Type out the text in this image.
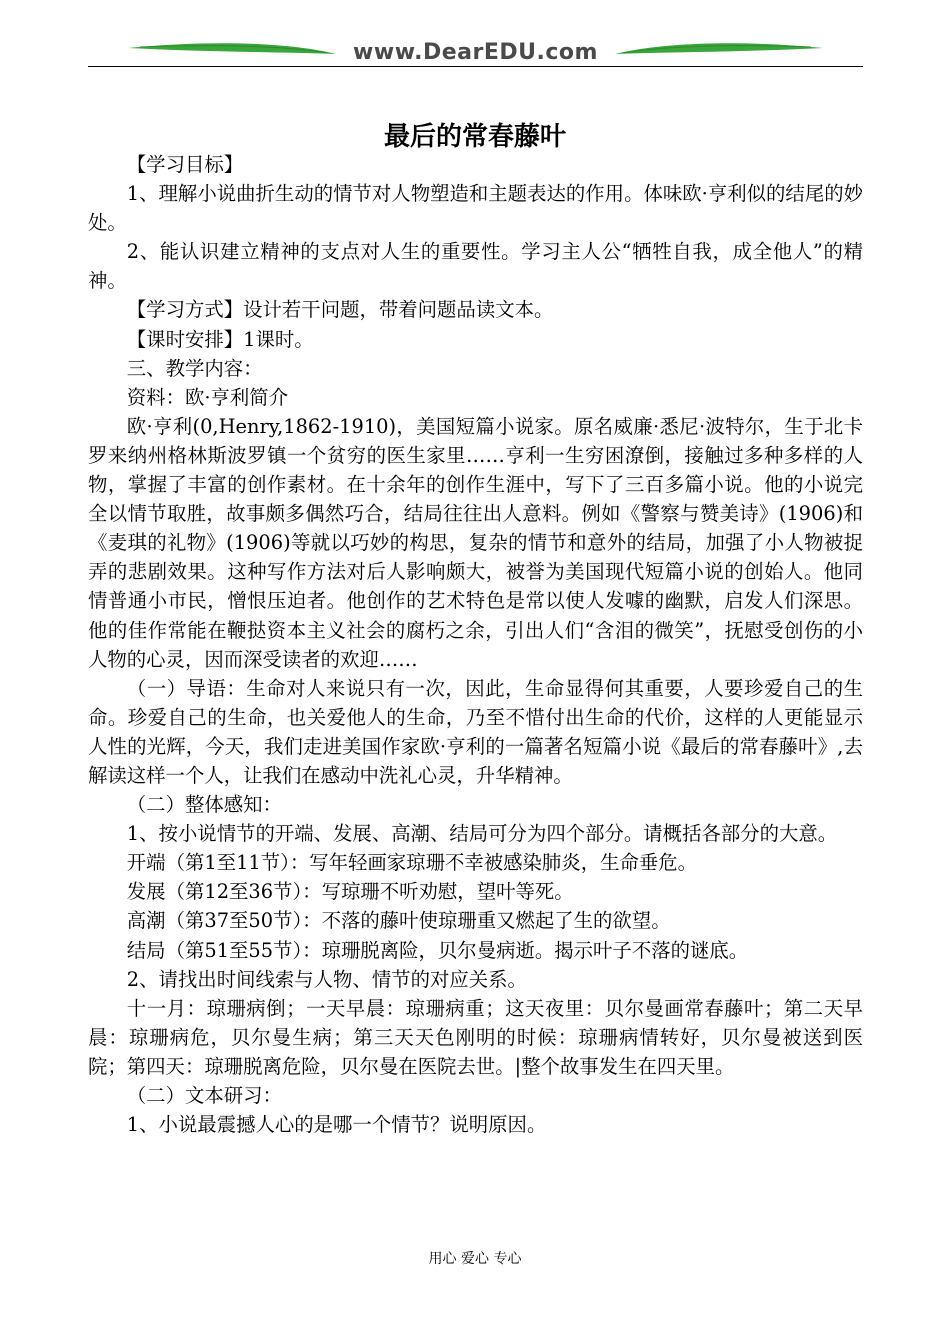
www.DearEDU.com
最后的常春藤叶

【学习目标】

1、理解小说曲折生动的情节对人物塑造和主题表达的作用。体味欧·亨利似的结尾的妙处。

2、能认识建立精神的支点对人生的重要性。学习主人公“牺牲自我，成全他人”的精神。

【学习方式】设计若干问题，带着问题品读文本。

【课时安排】1课时。

三、教学内容：

资料：欧·亨利简介

欧·亨利(0,Henry,1862-1910)，美国短篇小说家。原名威廉·悉尼·波特尔，生于北卡罗来纳州格林斯波罗镇一个贫穷的医生家里……亨利一生穷困潦倒，接触过多种多样的人物，掌握了丰富的创作素材。在十余年的创作生涯中，写下了三百多篇小说。他的小说完全以情节取胜，故事颇多偶然巧合，结局往往出人意料。例如《警察与赞美诗》(1906)和《麦琪的礼物》(1906)等就以巧妙的构思，复杂的情节和意外的结局，加强了小人物被捉弄的悲剧效果。这种写作方法对后人影响颇大，被誉为美国现代短篇小说的创始人。他同情普通小市民，憎恨压迫者。他创作的艺术特色是常以使人发噱的幽默，启发人们深思。他的佳作常能在鞭挞资本主义社会的腐朽之余，引出人们“含泪的微笑”，抚慰受创伤的小人物的心灵，因而深受读者的欢迎……

（一）导语：生命对人来说只有一次，因此，生命显得何其重要，人要珍爱自己的生命。珍爱自己的生命，也关爱他人的生命，乃至不惜付出生命的代价，这样的人更能显示人性的光辉，今天，我们走进美国作家欧·亨利的一篇著名短篇小说《最后的常春藤叶》,去解读这样一个人，让我们在感动中洗礼心灵，升华精神。

（二）整体感知：

1、按小说情节的开端、发展、高潮、结局可分为四个部分。请概括各部分的大意。

开端（第1至11节）：写年轻画家琼珊不幸被感染肺炎，生命垂危。

发展（第12至36节）：写琼珊不听劝慰，望叶等死。

高潮（第37至50节）：不落的藤叶使琼珊重又燃起了生的欲望。

结局（第51至55节）：琼珊脱离险，贝尔曼病逝。揭示叶子不落的谜底。

2、请找出时间线索与人物、情节的对应关系。

十一月：琼珊病倒；一天早晨：琼珊病重；这天夜里：贝尔曼画常春藤叶；第二天早晨：琼珊病危，贝尔曼生病；第三天天色刚明的时候：琼珊病情转好，贝尔曼被送到医院；第四天：琼珊脱离危险，贝尔曼在医院去世。|整个故事发生在四天里。

（二）文本研习：

1、小说最震撼人心的是哪一个情节？说明原因。

用心 爱心 专心
